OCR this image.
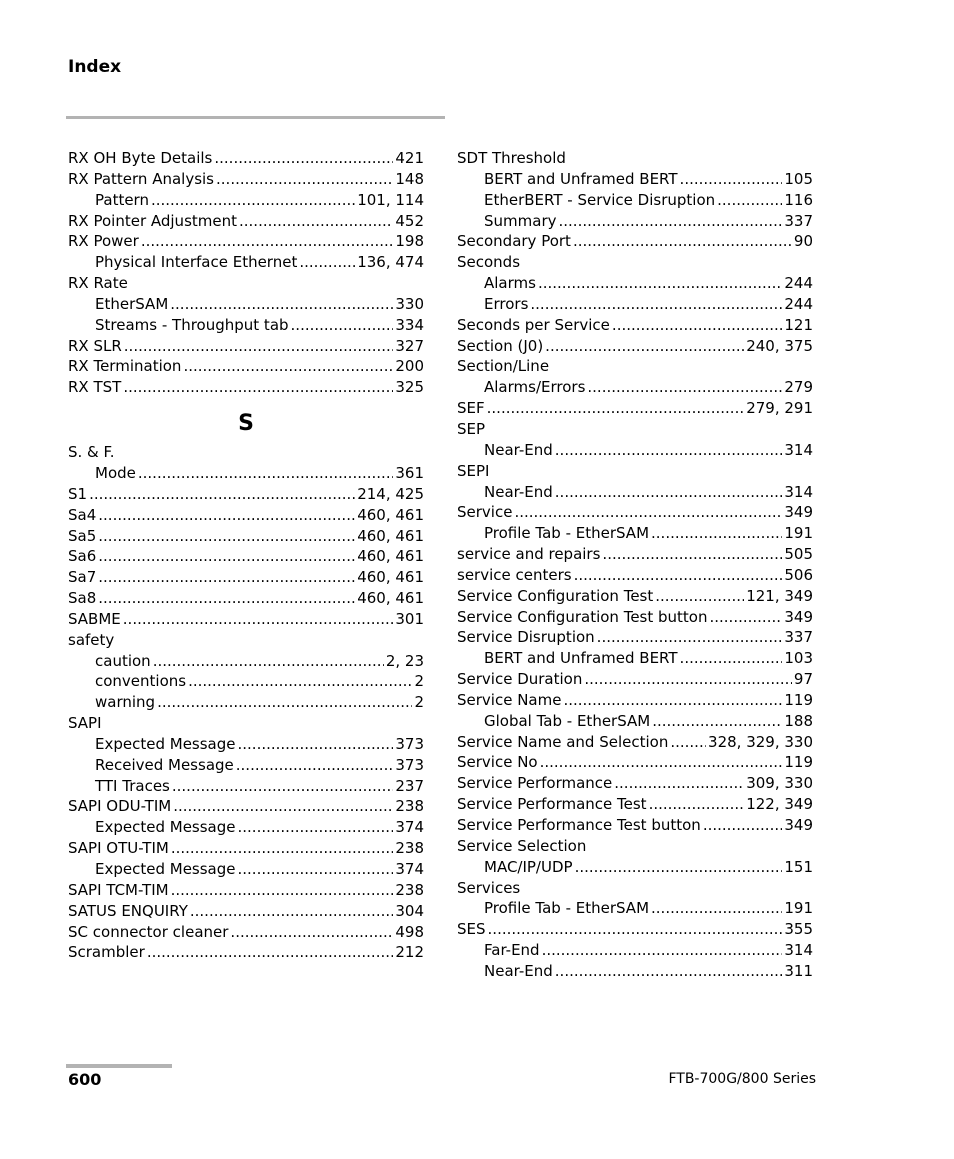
Index
RX OH Byte Details .....	421
RX Pattern Analysis .....	148
Pattern .....	101, 114
RX Pointer Adjustment .....	452
RX Power .....	198
Physical Interface Ethernet .....	136, 474
RX Rate
EtherSAM .....	330
Streams - Throughput tab .....	334
RX SLR .....	327
RX Termination .....	200
RX TST .....	325
S
S. & F.
Mode .....	361
S1 .....	214, 425
Sa4 .....	460, 461
Sa5 .....	460, 461
Sa6 .....	460, 461
Sa7 .....	460, 461
Sa8 .....	460, 461
SABME .....	301
safety
caution .....	2, 23
conventions .....	2
warning .....	2
SAPI
Expected Message .....	373
Received Message .....	373
TTI Traces .....	237
SAPI ODU-TIM .....	238
Expected Message .....	374
SAPI OTU-TIM .....	238
Expected Message .....	374
SAPI TCM-TIM .....	238
SATUS ENQUIRY .....	304
SC connector cleaner .....	498
Scrambler .....	212
SDT Threshold
BERT and Unframed BERT .....	105
EtherBERT - Service Disruption .....	116
Summary .....	337
Secondary Port .....	90
Seconds
Alarms .....	244
Errors .....	244
Seconds per Service .....	121
Section (J0) .....	240, 375
Section/Line
Alarms/Errors .....	279
SEF .....	279, 291
SEP
Near-End .....	314
SEPI
Near-End .....	314
Service .....	349
Profile Tab - EtherSAM .....	191
service and repairs .....	505
service centers .....	506
Service Configuration Test .....	121, 349
Service Configuration Test button .....	349
Service Disruption .....	337
BERT and Unframed BERT .....	103
Service Duration .....	97
Service Name .....	119
Global Tab - EtherSAM .....	188
Service Name and Selection .....	328, 329, 330
Service No .....	119
Service Performance .....	309, 330
Service Performance Test .....	122, 349
Service Performance Test button .....	349
Service Selection
MAC/IP/UDP .....	151
Services
Profile Tab - EtherSAM .....	191
SES .....	355
Far-End .....	314
Near-End .....	311
600	FTB-700G/800 Series
